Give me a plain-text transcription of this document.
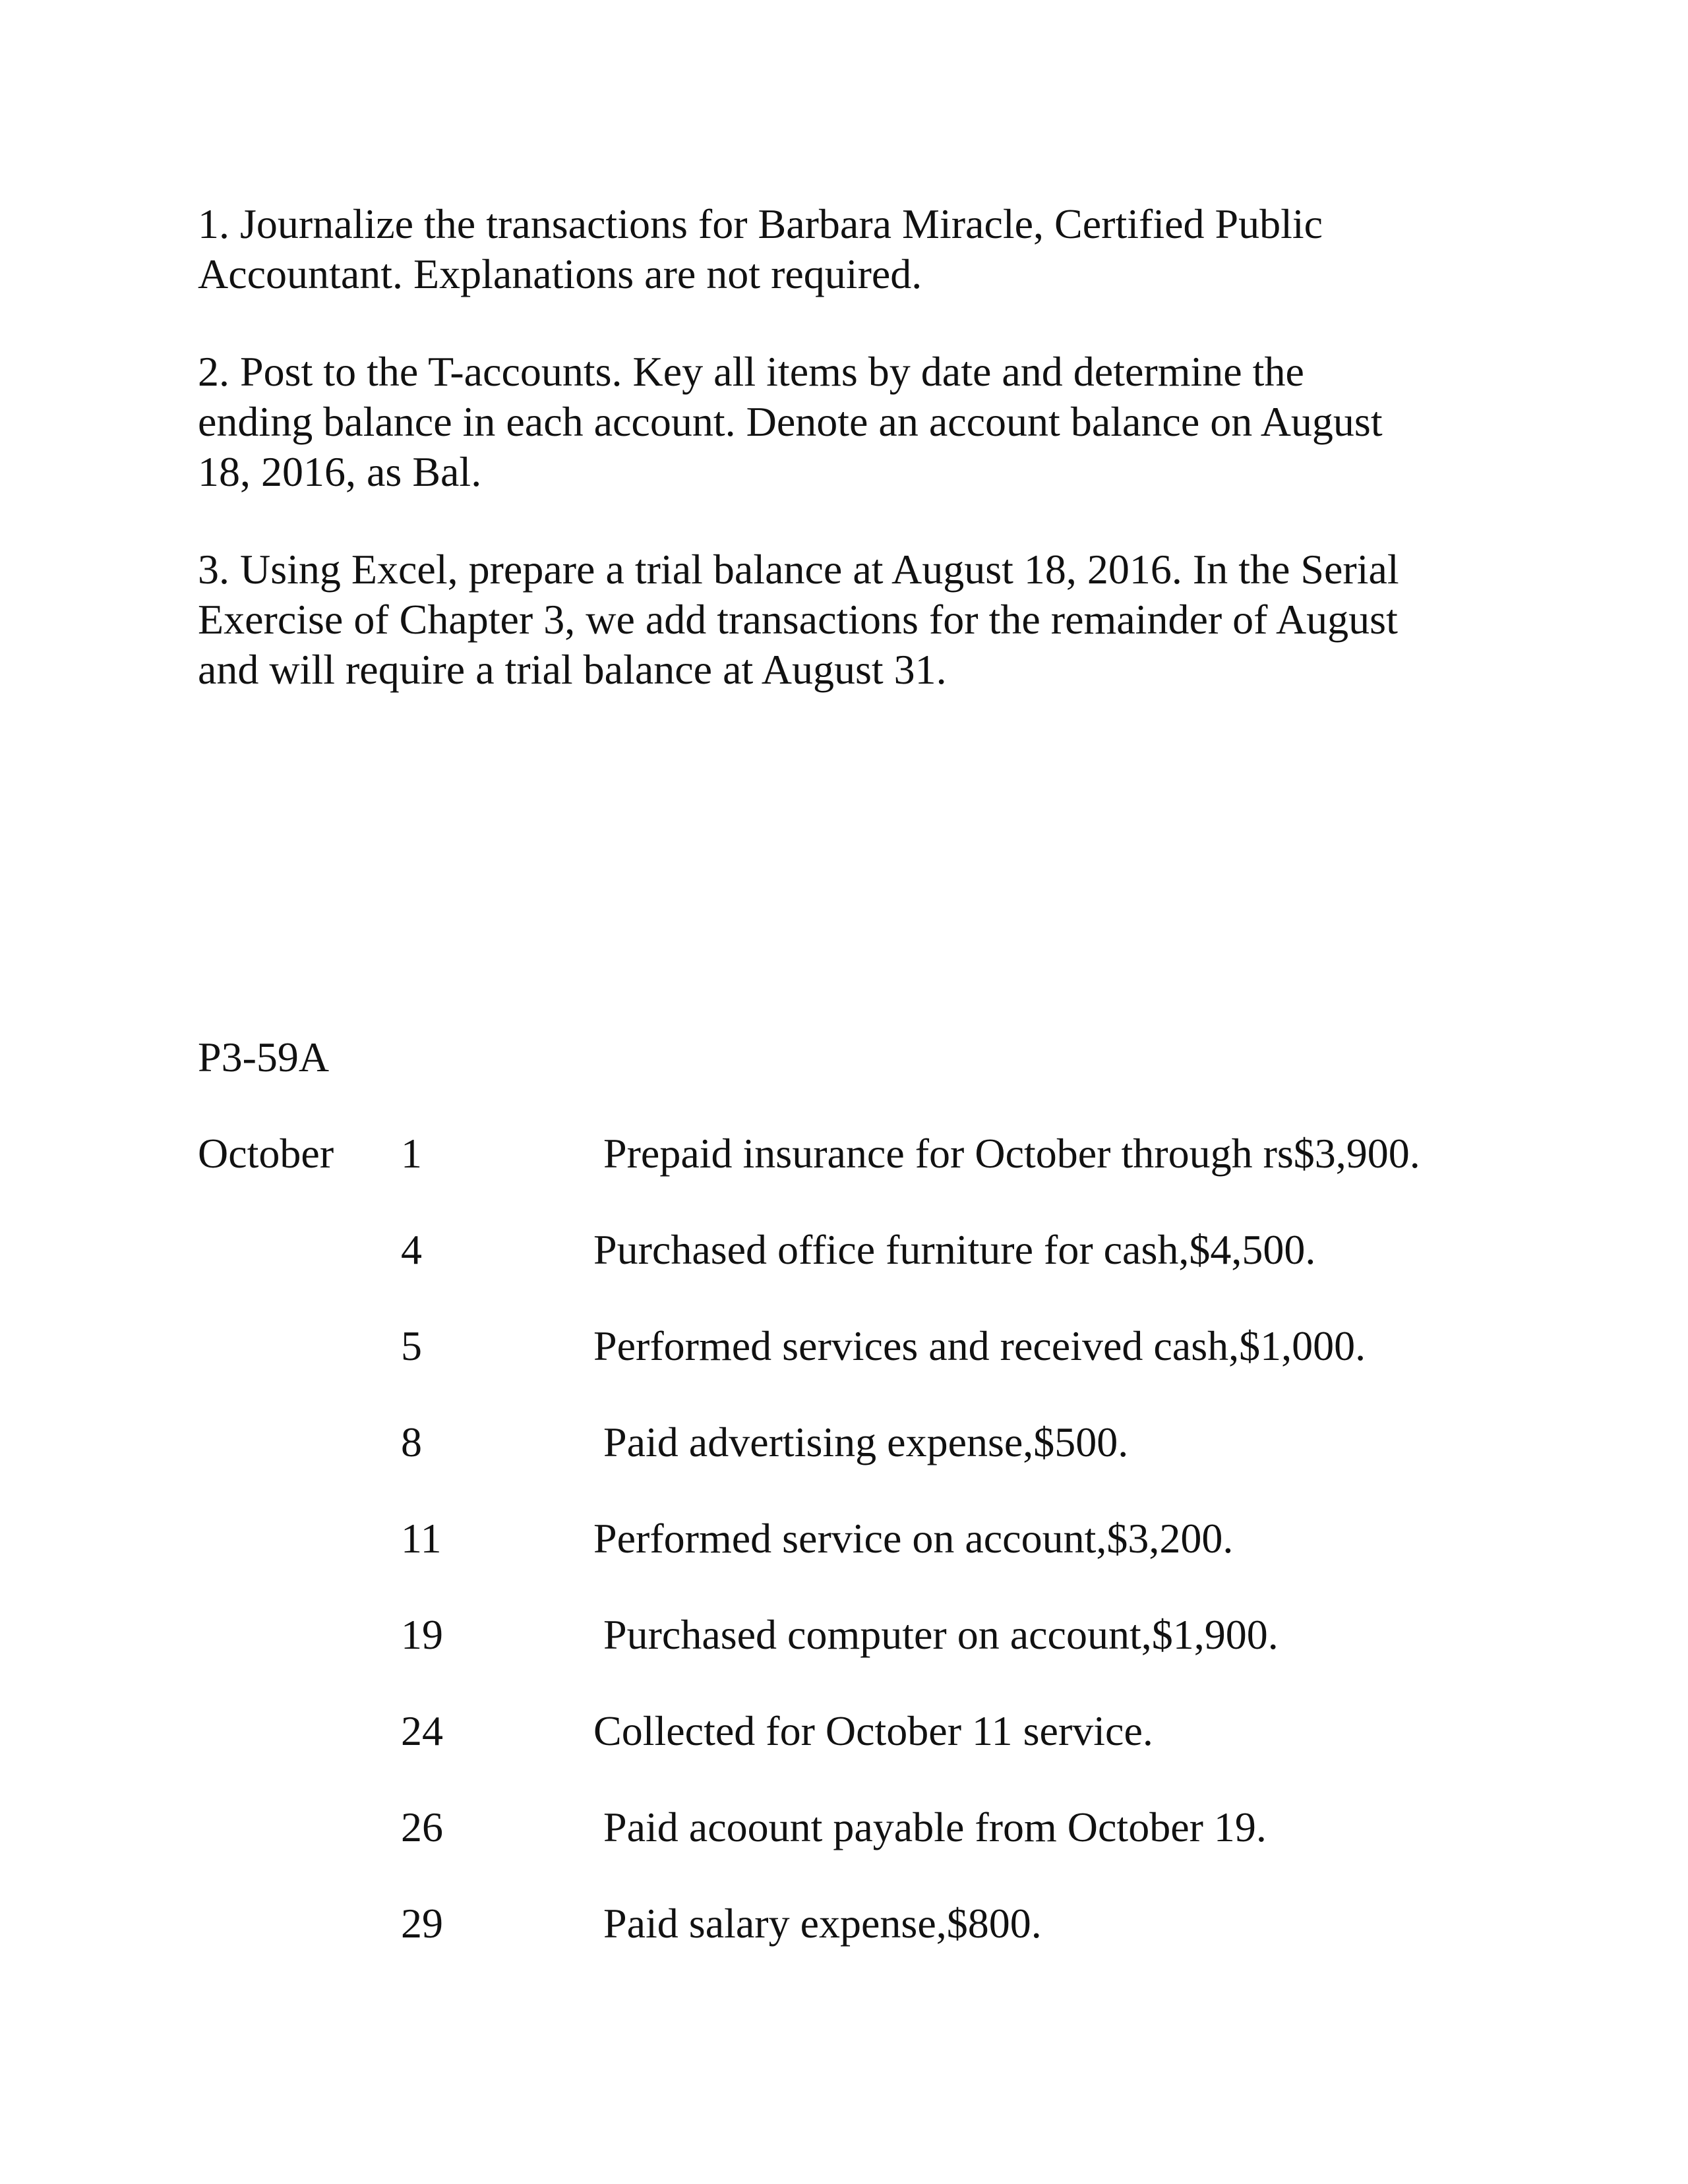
1. Journalize the transactions for Barbara Miracle, Certified Public
Accountant. Explanations are not required.

2. Post to the T-accounts. Key all items by date and determine the
ending balance in each account. Denote an account balance on August
18, 2016, as Bal.

3. Using Excel, prepare a trial balance at August 18, 2016. In the Serial
Exercise of Chapter 3, we add transactions for the remainder of August
and will require a trial balance at August 31.

P3-59A

October 1	Prepaid insurance for October through rs$3,900.
4	Purchased office furniture for cash,$4,500.
5	Performed services and received cash,$1,000.
8	Paid advertising expense,$500.
11	Performed service on account,$3,200.
19	Purchased computer on account,$1,900.
24	Collected for October 11 service.
26	Paid acoount payable from October 19.
29	Paid salary expense,$800.
